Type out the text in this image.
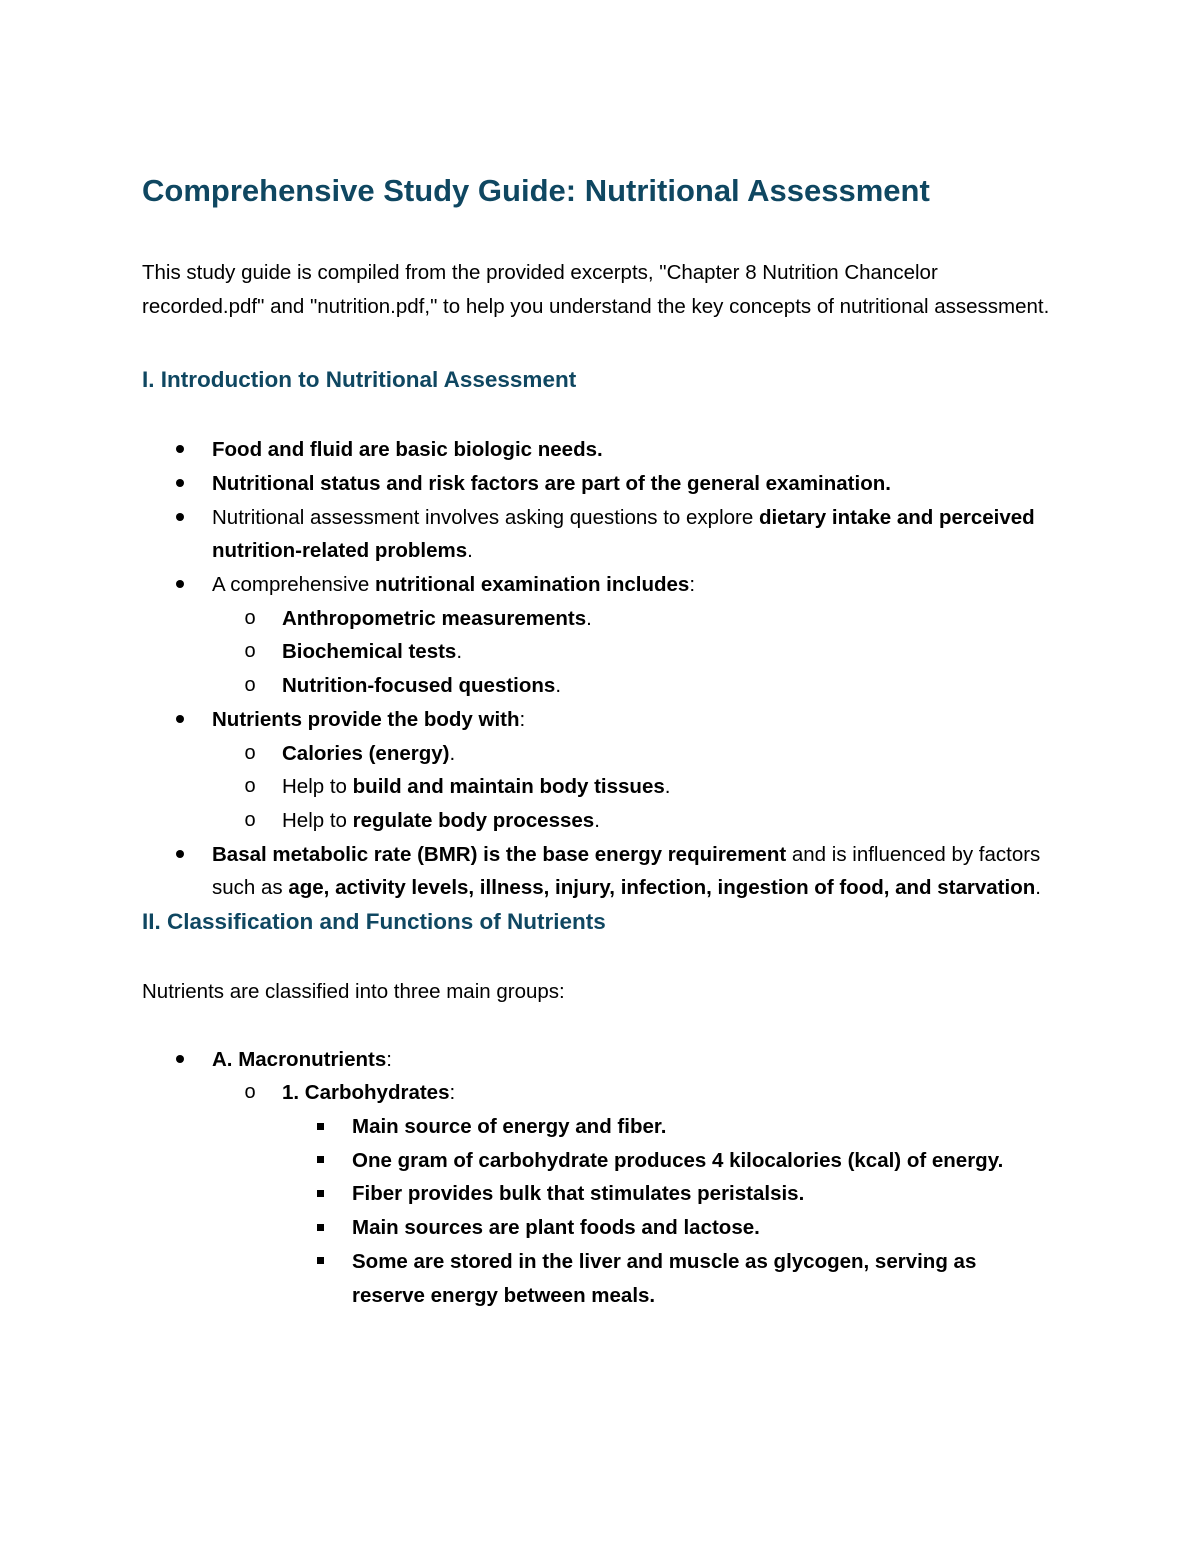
Comprehensive Study Guide: Nutritional Assessment

This study guide is compiled from the provided excerpts, "Chapter 8 Nutrition Chancelor recorded.pdf" and "nutrition.pdf," to help you understand the key concepts of nutritional assessment.

I. Introduction to Nutritional Assessment
Food and fluid are basic biologic needs.
Nutritional status and risk factors are part of the general examination.
Nutritional assessment involves asking questions to explore dietary intake and perceived nutrition-related problems.
A comprehensive nutritional examination includes:
o Anthropometric measurements.
o Biochemical tests.
o Nutrition-focused questions.
Nutrients provide the body with:
o Calories (energy).
o Help to build and maintain body tissues.
o Help to regulate body processes.
Basal metabolic rate (BMR) is the base energy requirement and is influenced by factors such as age, activity levels, illness, injury, infection, ingestion of food, and starvation.
II. Classification and Functions of Nutrients

Nutrients are classified into three main groups:

A. Macronutrients:
o 1. Carbohydrates:
Main source of energy and fiber.
One gram of carbohydrate produces 4 kilocalories (kcal) of energy.
Fiber provides bulk that stimulates peristalsis.
Main sources are plant foods and lactose.
Some are stored in the liver and muscle as glycogen, serving as reserve energy between meals.
